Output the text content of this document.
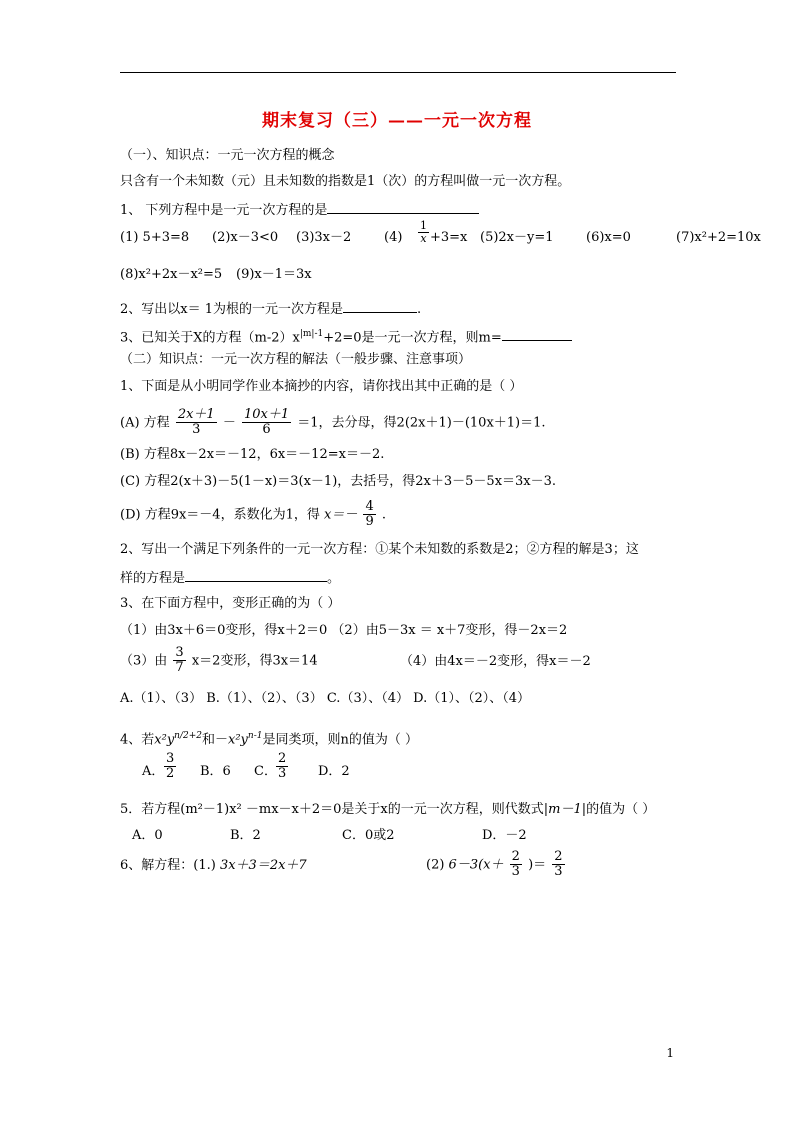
期末复习（三）——一元一次方程
（一）、知识点：一元一次方程的概念
只含有一个未知数（元）且未知数的指数是1（次）的方程叫做一元一次方程。
1、 下列方程中是一元一次方程的是
(1) 5+3=8 (2)x－3<0 (3)3x－2	$(4) \frac{1}{x} +3=x$ (5)2x－y=1 (6)x=0	(7)x²+2=10x
(8)x²+2x－x²=5 (9)x－1＝3x
2、写出以x＝ 1为根的一元一次方程是	.
3、已知关于X的方程$(m-2)x^{|m|-1}+2=0$是一元一次方程，则m=
（二）知识点：一元一次方程的解法（一般步骤、注意事项）
1、下面是从小明同学作业本摘抄的内容，请你找出其中正确的是（ ）
(A) 方程 $\frac{2x+1}{3} - \frac{10x+1}{6} =1$，去分母，得2(2x＋1)－(10x＋1)＝1.
(B) 方程8x－2x＝－12，6x＝－12=x＝－2.
(C) 方程2(x＋3)－5(1－x)＝3(x－1)，去括号，得2x＋3－5－5x＝3x－3.
(D) 方程9x＝－4，系数化为1，得 $x=- \frac{4}{9}$ .
2、写出一个满足下列条件的一元一次方程：①某个未知数的系数是2；②方程的解是3；这
样的方程是	。
3、在下面方程中，变形正确的为（ ）
（1）由3x＋6＝0变形，得x＋2＝0 （2）由5－3x ＝ x＋7变形，得－2x＝2
（3）由 $\frac{3}{7} x=2$变形，得3x＝14	（4）由4x＝－2变形，得x＝－2
A.（1）、（3） B.（1）、（2）、（3） C.（3）、（4） D.（1）、（2）、（4）
4、若$x^2y^{n/2+2}$和$-x^2y^{n-1}$是同类项，则n的值为（ ）
A． $\frac{3}{2}$ B．6 C． $\frac{2}{3}$ D．2
5．若方程(m²－1)x² －mx－x＋2＝0是关于x的一元一次方程，则代数式|m－1|的值为（ ）
A．0	B．2	C．0或2	D．－2
6、解方程：(1.) 3x＋3＝2x＋7	(2) $6-3(x+ \frac{2}{3}$ )＝ $\frac{2}{3}$
1
